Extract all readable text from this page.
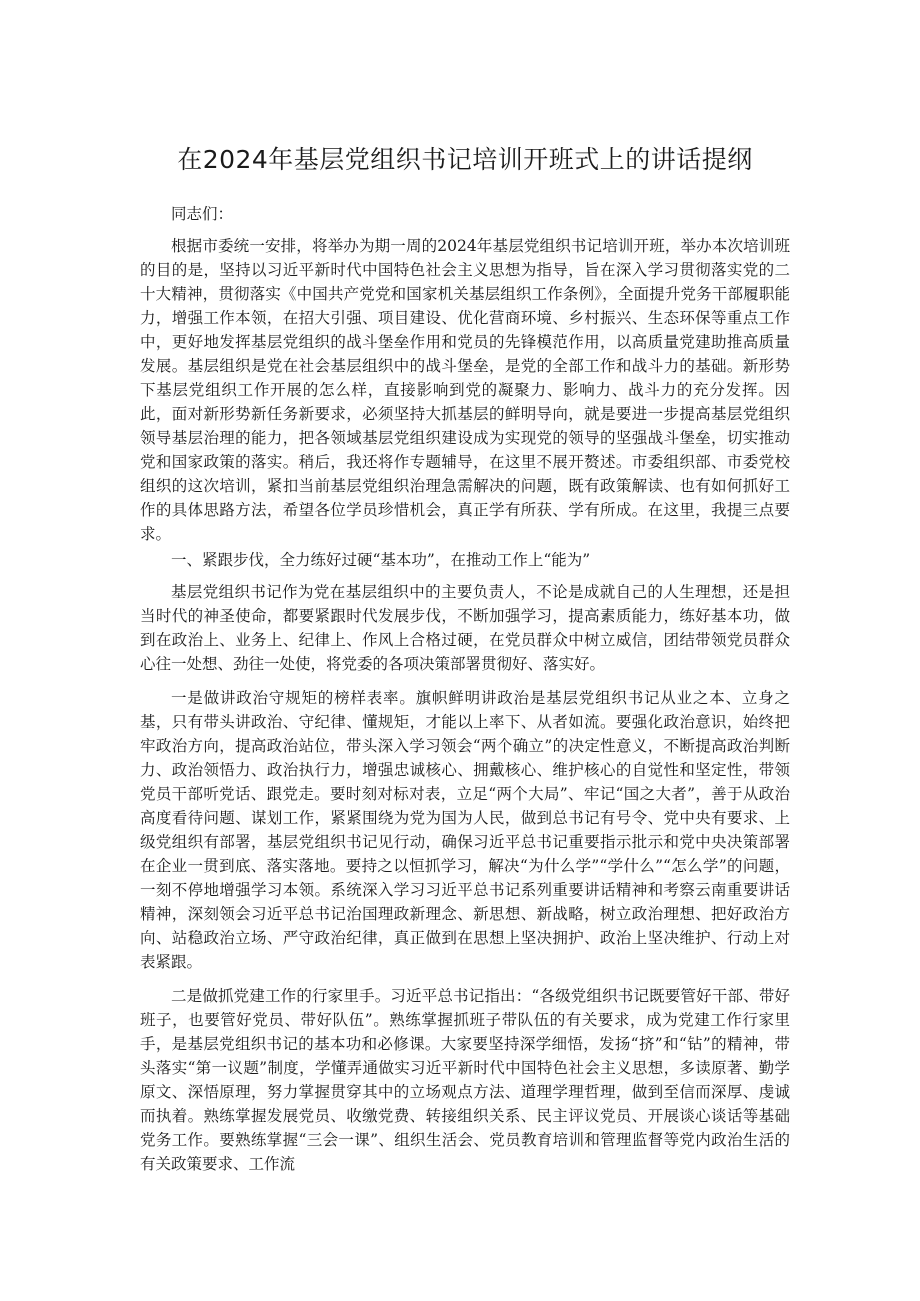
在2024年基层党组织书记培训开班式上的讲话提纲

同志们：

根据市委统一安排，将举办为期一周的2024年基层党组织书记培训开班，举办本次培训班的目的是，坚持以习近平新时代中国特色社会主义思想为指导，旨在深入学习贯彻落实党的二十大精神，贯彻落实《中国共产党党和国家机关基层组织工作条例》，全面提升党务干部履职能力，增强工作本领，在招大引强、项目建设、优化营商环境、乡村振兴、生态环保等重点工作中，更好地发挥基层党组织的战斗堡垒作用和党员的先锋模范作用，以高质量党建助推高质量发展。基层组织是党在社会基层组织中的战斗堡垒，是党的全部工作和战斗力的基础。新形势下基层党组织工作开展的怎么样，直接影响到党的凝聚力、影响力、战斗力的充分发挥。因此，面对新形势新任务新要求，必须坚持大抓基层的鲜明导向，就是要进一步提高基层党组织领导基层治理的能力，把各领域基层党组织建设成为实现党的领导的坚强战斗堡垒，切实推动党和国家政策的落实。稍后，我还将作专题辅导，在这里不展开赘述。市委组织部、市委党校组织的这次培训，紧扣当前基层党组织治理急需解决的问题，既有政策解读、也有如何抓好工作的具体思路方法，希望各位学员珍惜机会，真正学有所获、学有所成。在这里，我提三点要求。

一、紧跟步伐，全力练好过硬“基本功”，在推动工作上“能为”

基层党组织书记作为党在基层组织中的主要负责人，不论是成就自己的人生理想，还是担当时代的神圣使命，都要紧跟时代发展步伐，不断加强学习，提高素质能力，练好基本功，做到在政治上、业务上、纪律上、作风上合格过硬，在党员群众中树立威信，团结带领党员群众心往一处想、劲往一处使，将党委的各项决策部署贯彻好、落实好。

一是做讲政治守规矩的榜样表率。旗帜鲜明讲政治是基层党组织书记从业之本、立身之基，只有带头讲政治、守纪律、懂规矩，才能以上率下、从者如流。要强化政治意识，始终把牢政治方向，提高政治站位，带头深入学习领会“两个确立”的决定性意义，不断提高政治判断力、政治领悟力、政治执行力，增强忠诚核心、拥戴核心、维护核心的自觉性和坚定性，带领党员干部听党话、跟党走。要时刻对标对表，立足“两个大局”、牢记“国之大者”，善于从政治高度看待问题、谋划工作，紧紧围绕为党为国为人民，做到总书记有号令、党中央有要求、上级党组织有部署，基层党组织书记见行动，确保习近平总书记重要指示批示和党中央决策部署在企业一贯到底、落实落地。要持之以恒抓学习，解决“为什么学”“学什么”“怎么学”的问题，一刻不停地增强学习本领。系统深入学习习近平总书记系列重要讲话精神和考察云南重要讲话精神，深刻领会习近平总书记治国理政新理念、新思想、新战略，树立政治理想、把好政治方向、站稳政治立场、严守政治纪律，真正做到在思想上坚决拥护、政治上坚决维护、行动上对表紧跟。

二是做抓党建工作的行家里手。习近平总书记指出：“各级党组织书记既要管好干部、带好班子，也要管好党员、带好队伍”。熟练掌握抓班子带队伍的有关要求，成为党建工作行家里手，是基层党组织书记的基本功和必修课。大家要坚持深学细悟，发扬“挤”和“钻”的精神，带头落实“第一议题”制度，学懂弄通做实习近平新时代中国特色社会主义思想，多读原著、勤学原文、深悟原理，努力掌握贯穿其中的立场观点方法、道理学理哲理，做到至信而深厚、虔诚而执着。熟练掌握发展党员、收缴党费、转接组织关系、民主评议党员、开展谈心谈话等基础党务工作。要熟练掌握“三会一课”、组织生活会、党员教育培训和管理监督等党内政治生活的有关政策要求、工作流
